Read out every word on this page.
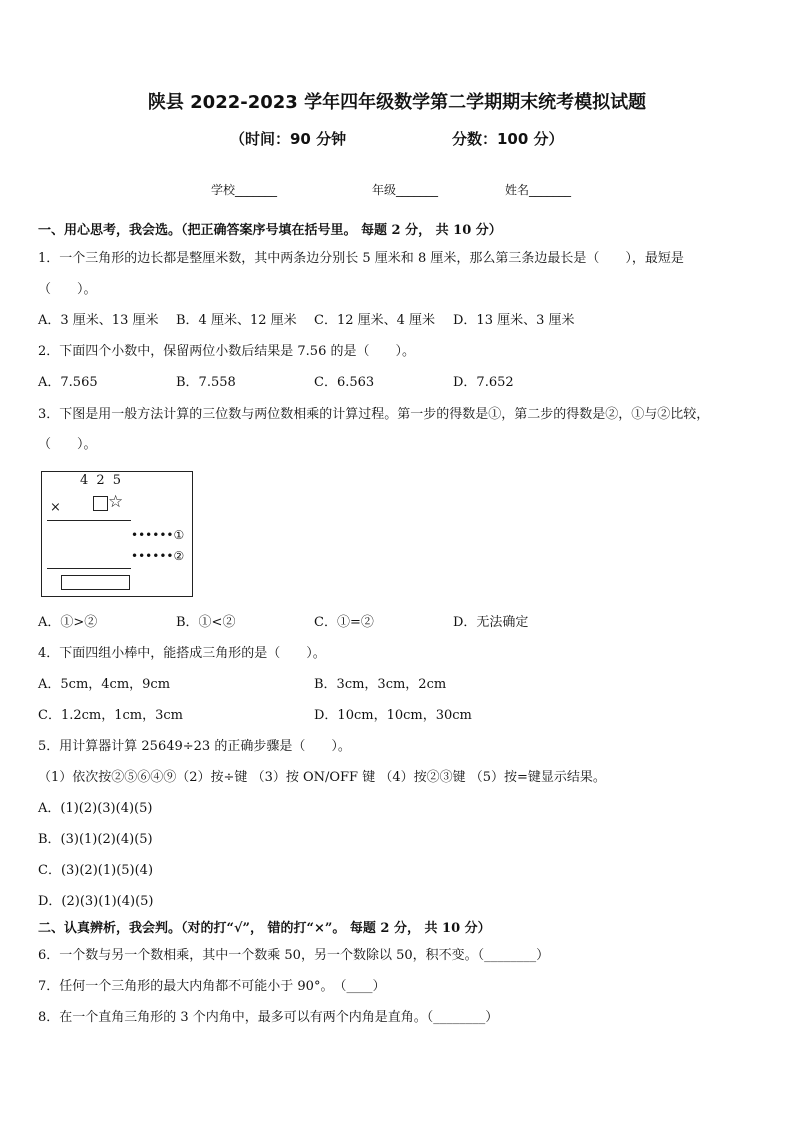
陕县 2022-2023 学年四年级数学第二学期期末统考模拟试题
（时间：90 分钟	分数：100 分）
学校_______	年级_______	姓名_______
一、用心思考，我会选。（把正确答案序号填在括号里。 每题 2 分， 共 10 分）
1．一个三角形的边长都是整厘米数，其中两条边分别长 5 厘米和 8 厘米，那么第三条边最长是（　　），最短是
（　　）。
A．3 厘米、13 厘米 B．4 厘米、12 厘米 C．12 厘米、4 厘米 D．13 厘米、3 厘米
2．下面四个小数中，保留两位小数后结果是 7.56 的是（　　）。
A．7.565	B．7.558	C．6.563	D．7.652
3．下图是用一般方法计算的三位数与两位数相乘的计算过程。第一步的得数是①，第二步的得数是②，①与②比较，
（　　）。
4 2 5
×	☆
••••••①
••••••②
A．①>②	B．①<②	C．①=②	D．无法确定
4．下面四组小棒中，能搭成三角形的是（　　）。
A．5cm，4cm，9cm	B．3cm，3cm，2cm
C．1.2cm，1cm，3cm	D．10cm，10cm，30cm
5．用计算器计算 25649÷23 的正确步骤是（　　）。
（1）依次按②⑤⑥④⑨（2）按÷键 （3）按 ON/OFF 键 （4）按②③键 （5）按=键显示结果。
A．(1)(2)(3)(4)(5)
B．(3)(1)(2)(4)(5)
C．(3)(2)(1)(5)(4)
D．(2)(3)(1)(4)(5)
二、认真辨析，我会判。（对的打“√”， 错的打“×”。 每题 2 分， 共 10 分）
6．一个数与另一个数相乘，其中一个数乘 50，另一个数除以 50，积不变。（________）
7．任何一个三角形的最大内角都不可能小于 90°。　（____）
8．在一个直角三角形的 3 个内角中，最多可以有两个内角是直角。（________）
